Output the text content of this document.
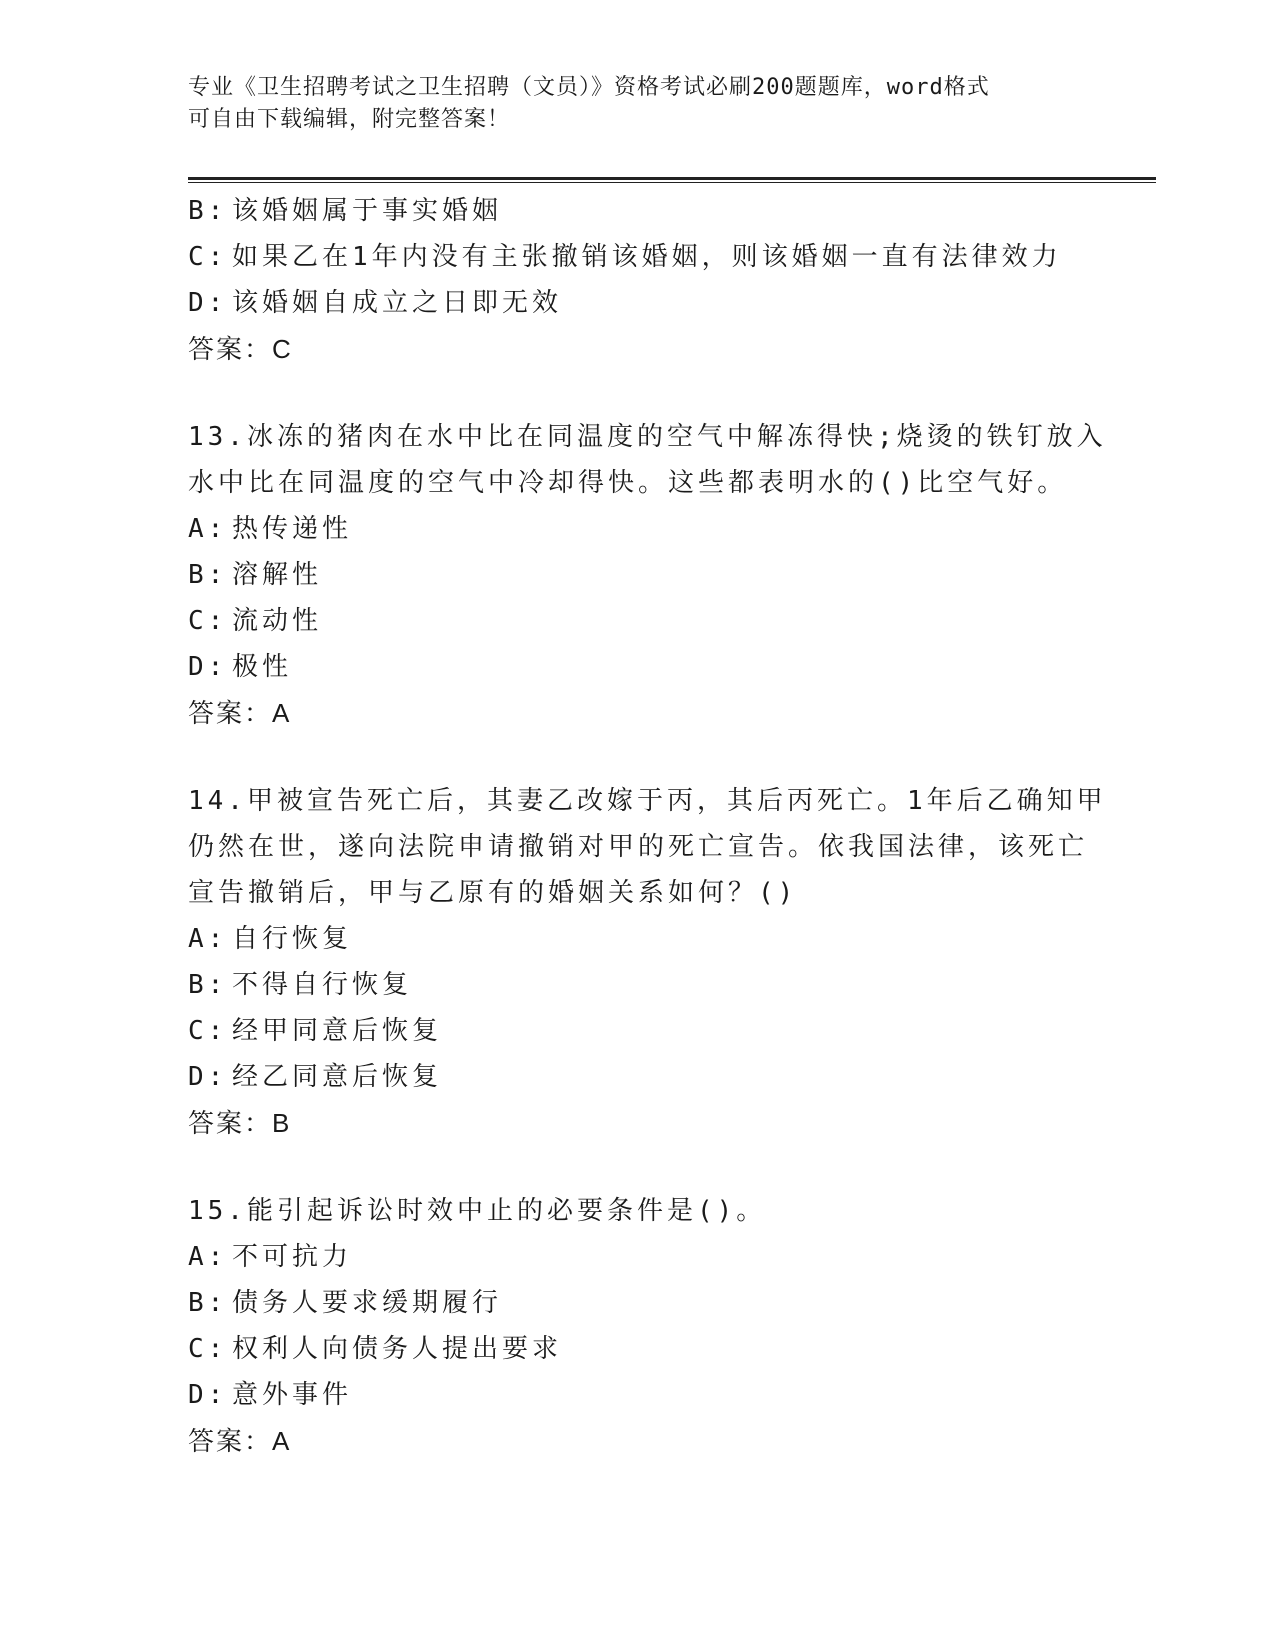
专业《卫生招聘考试之卫生招聘（文员）》资格考试必刷200题题库，word格式
可自由下载编辑，附完整答案！
B: 该婚姻属于事实婚姻
C: 如果乙在1年内没有主张撤销该婚姻，则该婚姻一直有法律效力
D: 该婚姻自成立之日即无效
答案：C
13.冰冻的猪肉在水中比在同温度的空气中解冻得快;烧烫的铁钉放入
水中比在同温度的空气中冷却得快。这些都表明水的()比空气好。
A: 热传递性
B: 溶解性
C: 流动性
D: 极性
答案：A
14.甲被宣告死亡后，其妻乙改嫁于丙，其后丙死亡。1年后乙确知甲
仍然在世，遂向法院申请撤销对甲的死亡宣告。依我国法律，该死亡
宣告撤销后，甲与乙原有的婚姻关系如何？()
A: 自行恢复
B: 不得自行恢复
C: 经甲同意后恢复
D: 经乙同意后恢复
答案：B
15.能引起诉讼时效中止的必要条件是()。
A: 不可抗力
B: 债务人要求缓期履行
C: 权利人向债务人提出要求
D: 意外事件
答案：A
